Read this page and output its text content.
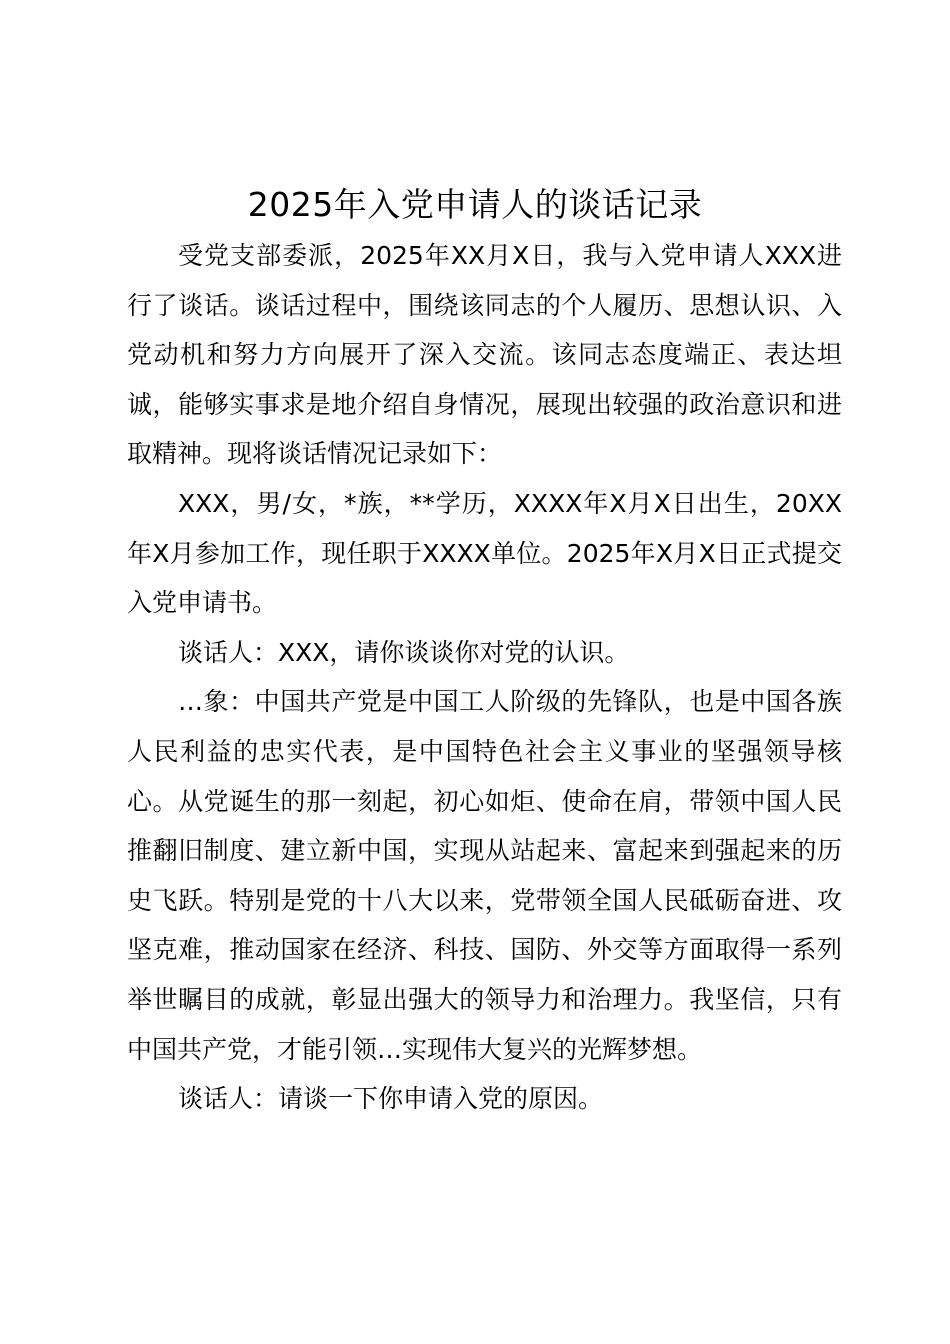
2025年入党申请人的谈话记录

受党支部委派，2025年XX月X日，我与入党申请人XXX进行了谈话。谈话过程中，围绕该同志的个人履历、思想认识、入党动机和努力方向展开了深入交流。该同志态度端正、表达坦诚，能够实事求是地介绍自身情况，展现出较强的政治意识和进取精神。现将谈话情况记录如下：

XXX，男/女，*族，**学历，XXXX年X月X日出生，20XX年X月参加工作，现任职于XXXX单位。2025年X月X日正式提交入党申请书。

谈话人：XXX，请你谈谈你对党的认识。

…象：中国共产党是中国工人阶级的先锋队，也是中国各族人民利益的忠实代表，是中国特色社会主义事业的坚强领导核心。从党诞生的那一刻起，初心如炬、使命在肩，带领中国人民推翻旧制度、建立新中国，实现从站起来、富起来到强起来的历史飞跃。特别是党的十八大以来，党带领全国人民砥砺奋进、攻坚克难，推动国家在经济、科技、国防、外交等方面取得一系列举世瞩目的成就，彰显出强大的领导力和治理力。我坚信，只有中国共产党，才能引领…实现伟大复兴的光辉梦想。

谈话人：请谈一下你申请入党的原因。
